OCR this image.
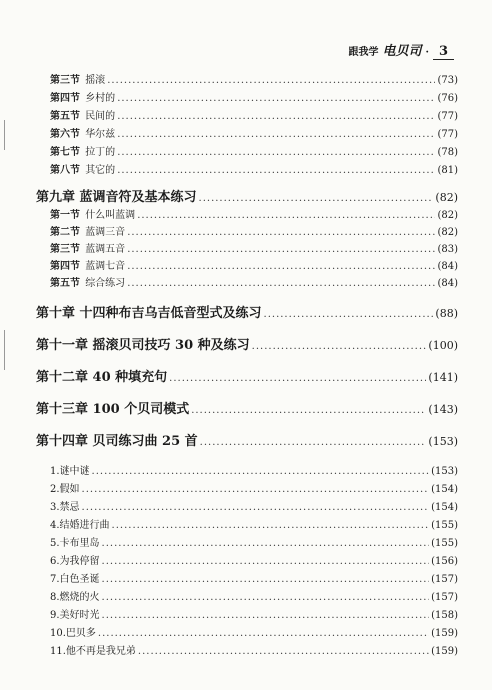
跟我学 电贝司 · 3
第三节 摇滚 .....	(73)
第四节 乡村的 .....	(76)
第五节 民间的 .....	(77)
第六节 华尔兹 .....	(77)
第七节 拉丁的 .....	(78)
第八节 其它的 .....	(81)
第九章 蓝调音符及基本练习 .....	(82)
第一节 什么叫蓝调 .....	(82)
第二节 蓝调三音 .....	(82)
第三节 蓝调五音 .....	(83)
第四节 蓝调七音 .....	(84)
第五节 综合练习 .....	(84)
第十章 十四种布吉乌吉低音型式及练习 .....	(88)
第十一章 摇滚贝司技巧 30 种及练习 .....	(100)
第十二章 40 种填充句 .....	(141)
第十三章 100 个贝司模式 .....	(143)
第十四章 贝司练习曲 25 首 .....	(153)
1.谜中谜 .....	(153)
2.假如 .....	(154)
3.禁忌 .....	(154)
4.结婚进行曲 .....	(155)
5.卡布里岛 .....	(155)
6.为我停留 .....	(156)
7.白色圣诞 .....	(157)
8.燃烧的火 .....	(157)
9.美好时光 .....	(158)
10.巴贝多 .....	(159)
11.他不再是我兄弟 .....	(159)
